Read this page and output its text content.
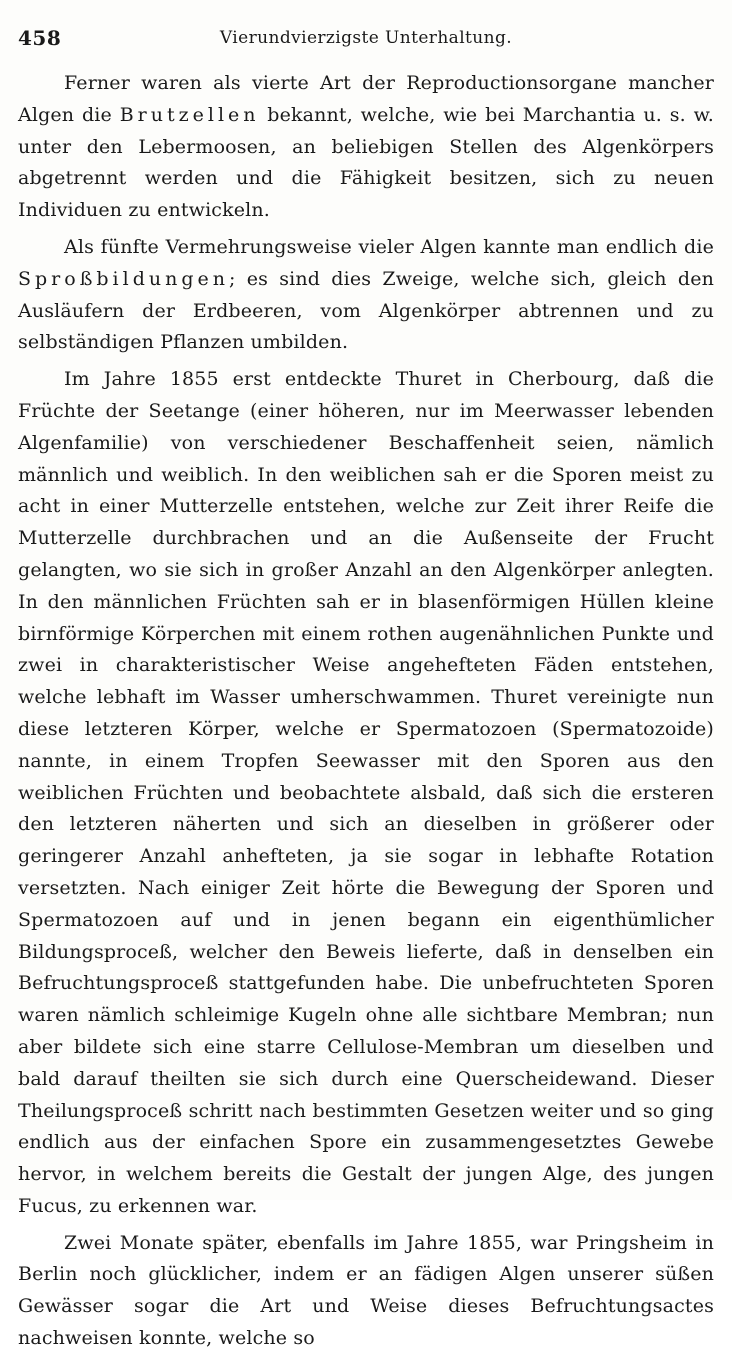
458	Vierundvierzigste Unterhaltung.

Ferner waren als vierte Art der Reproductionsorgane mancher Algen die Brutzellen bekannt, welche, wie bei Marchantia u. s. w. unter den Lebermoosen, an beliebigen Stellen des Algenkörpers abgetrennt werden und die Fähigkeit besitzen, sich zu neuen Individuen zu entwickeln.

Als fünfte Vermehrungsweise vieler Algen kannte man endlich die Sproßbildungen; es sind dies Zweige, welche sich, gleich den Ausläufern der Erdbeeren, vom Algenkörper abtrennen und zu selbständigen Pflanzen umbilden.

Im Jahre 1855 erst entdeckte Thuret in Cherbourg, daß die Früchte der Seetange (einer höheren, nur im Meerwasser lebenden Algenfamilie) von verschiedener Beschaffenheit seien, nämlich männlich und weiblich. In den weiblichen sah er die Sporen meist zu acht in einer Mutterzelle entstehen, welche zur Zeit ihrer Reife die Mutterzelle durchbrachen und an die Außenseite der Frucht gelangten, wo sie sich in großer Anzahl an den Algenkörper anlegten. In den männlichen Früchten sah er in blasenförmigen Hüllen kleine birnförmige Körperchen mit einem rothen augenähnlichen Punkte und zwei in charakteristischer Weise angehefteten Fäden entstehen, welche lebhaft im Wasser umherschwammen. Thuret vereinigte nun diese letzteren Körper, welche er Spermatozoen (Spermatozoide) nannte, in einem Tropfen Seewasser mit den Sporen aus den weiblichen Früchten und beobachtete alsbald, daß sich die ersteren den letzteren näherten und sich an dieselben in größerer oder geringerer Anzahl anhefteten, ja sie sogar in lebhafte Rotation versetzten. Nach einiger Zeit hörte die Bewegung der Sporen und Spermatozoen auf und in jenen begann ein eigenthümlicher Bildungsproceß, welcher den Beweis lieferte, daß in denselben ein Befruchtungsproceß stattgefunden habe. Die unbefruchteten Sporen waren nämlich schleimige Kugeln ohne alle sichtbare Membran; nun aber bildete sich eine starre Cellulose-Membran um dieselben und bald darauf theilten sie sich durch eine Querscheidewand. Dieser Theilungsproceß schritt nach bestimmten Gesetzen weiter und so ging endlich aus der einfachen Spore ein zusammengesetztes Gewebe hervor, in welchem bereits die Gestalt der jungen Alge, des jungen Fucus, zu erkennen war.

Zwei Monate später, ebenfalls im Jahre 1855, war Pringsheim in Berlin noch glücklicher, indem er an fädigen Algen unserer süßen Gewässer sogar die Art und Weise dieses Befruchtungsactes nachweisen konnte, welche so
